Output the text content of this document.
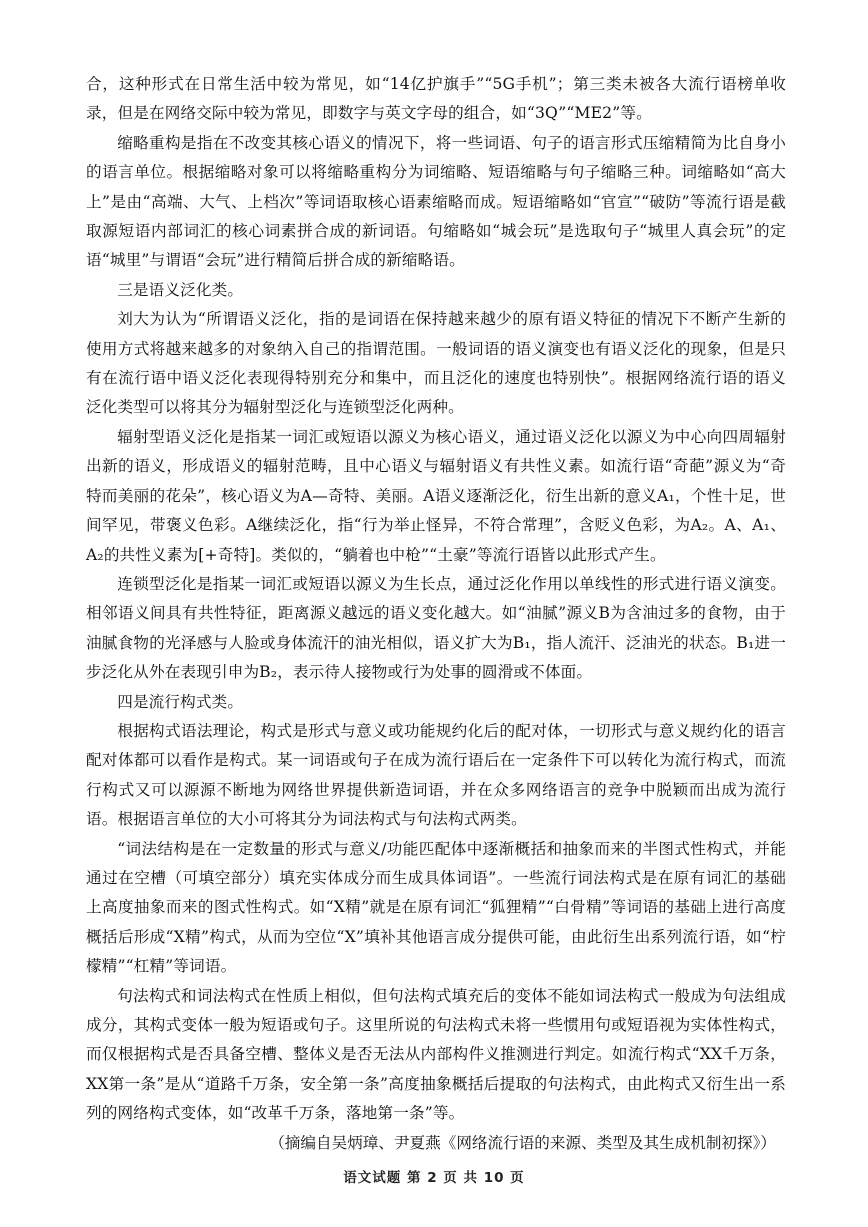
合，这种形式在日常生活中较为常见，如“14亿护旗手”“5G手机”；第三类未被各大流行语榜单收录，但是在网络交际中较为常见，即数字与英文字母的组合，如“3Q”“ME2”等。

缩略重构是指在不改变其核心语义的情况下，将一些词语、句子的语言形式压缩精简为比自身小的语言单位。根据缩略对象可以将缩略重构分为词缩略、短语缩略与句子缩略三种。词缩略如“高大上”是由“高端、大气、上档次”等词语取核心语素缩略而成。短语缩略如“官宣”“破防”等流行语是截取源短语内部词汇的核心词素拼合成的新词语。句缩略如“城会玩”是选取句子“城里人真会玩”的定语“城里”与谓语“会玩”进行精简后拼合成的新缩略语。

三是语义泛化类。

刘大为认为“所谓语义泛化，指的是词语在保持越来越少的原有语义特征的情况下不断产生新的使用方式将越来越多的对象纳入自己的指谓范围。一般词语的语义演变也有语义泛化的现象，但是只有在流行语中语义泛化表现得特别充分和集中，而且泛化的速度也特别快”。根据网络流行语的语义泛化类型可以将其分为辐射型泛化与连锁型泛化两种。

辐射型语义泛化是指某一词汇或短语以源义为核心语义，通过语义泛化以源义为中心向四周辐射出新的语义，形成语义的辐射范畴，且中心语义与辐射语义有共性义素。如流行语“奇葩”源义为“奇特而美丽的花朵”，核心语义为A—奇特、美丽。A语义逐渐泛化，衍生出新的意义A₁，个性十足，世间罕见，带褒义色彩。A继续泛化，指“行为举止怪异，不符合常理”，含贬义色彩，为A₂。A、A₁、A₂的共性义素为[+奇特]。类似的，“躺着也中枪”“土豪”等流行语皆以此形式产生。

连锁型泛化是指某一词汇或短语以源义为生长点，通过泛化作用以单线性的形式进行语义演变。相邻语义间具有共性特征，距离源义越远的语义变化越大。如“油腻”源义B为含油过多的食物，由于油腻食物的光泽感与人脸或身体流汗的油光相似，语义扩大为B₁，指人流汗、泛油光的状态。B₁进一步泛化从外在表现引申为B₂，表示待人接物或行为处事的圆滑或不体面。

四是流行构式类。

根据构式语法理论，构式是形式与意义或功能规约化后的配对体，一切形式与意义规约化的语言配对体都可以看作是构式。某一词语或句子在成为流行语后在一定条件下可以转化为流行构式，而流行构式又可以源源不断地为网络世界提供新造词语，并在众多网络语言的竞争中脱颖而出成为流行语。根据语言单位的大小可将其分为词法构式与句法构式两类。

“词法结构是在一定数量的形式与意义/功能匹配体中逐渐概括和抽象而来的半图式性构式，并能通过在空槽（可填空部分）填充实体成分而生成具体词语”。一些流行词法构式是在原有词汇的基础上高度抽象而来的图式性构式。如“X精”就是在原有词汇“狐狸精”“白骨精”等词语的基础上进行高度概括后形成“X精”构式，从而为空位“X”填补其他语言成分提供可能，由此衍生出系列流行语，如“柠檬精”“杠精”等词语。

句法构式和词法构式在性质上相似，但句法构式填充后的变体不能如词法构式一般成为句法组成成分，其构式变体一般为短语或句子。这里所说的句法构式未将一些惯用句或短语视为实体性构式，而仅根据构式是否具备空槽、整体义是否无法从内部构件义推测进行判定。如流行构式“XX千万条，XX第一条”是从“道路千万条，安全第一条”高度抽象概括后提取的句法构式，由此构式又衍生出一系列的网络构式变体，如“改革千万条，落地第一条”等。

（摘编自吴炳璋、尹夏燕《网络流行语的来源、类型及其生成机制初探》）

语文试题 第 2 页 共 10 页
